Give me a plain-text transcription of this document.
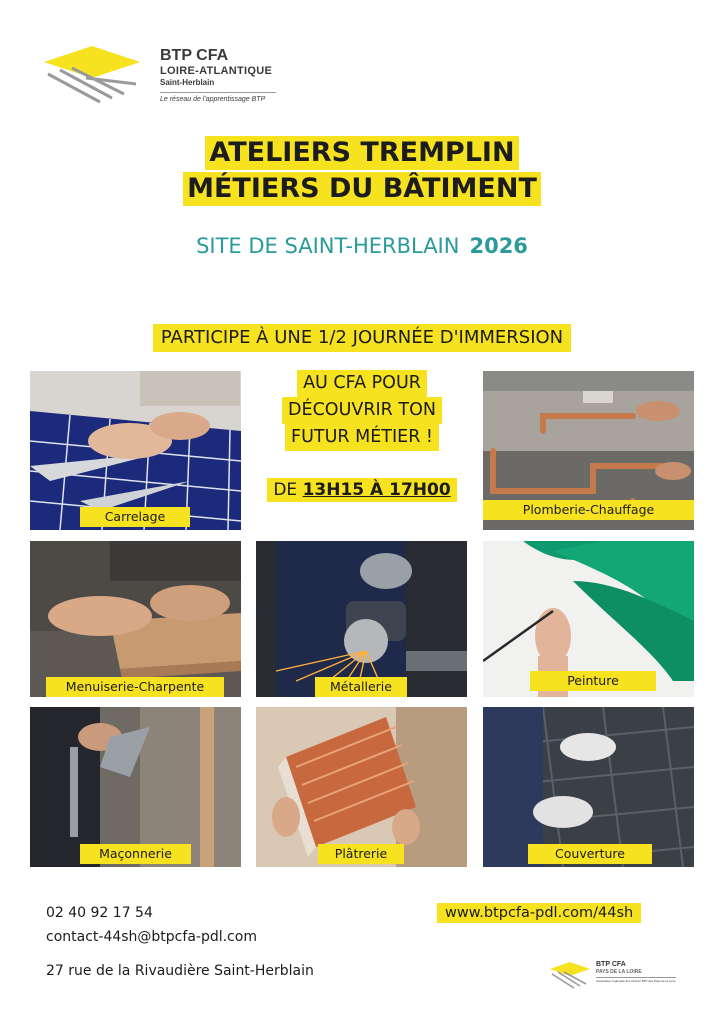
BTP CFA
LOIRE-ATLANTIQUE
Saint-Herblain
Le réseau de l'apprentissage BTP
ATELIERS TREMPLIN
MÉTIERS DU BÂTIMENT
SITE DE SAINT-HERBLAIN 2026
PARTICIPE À UNE 1/2 JOURNÉE D'IMMERSION
Carrelage
AU CFA POUR
DÉCOUVRIR TON
FUTUR MÉTIER !
DE 13H15 À 17H00
Plomberie-Chauffage
Menuiserie-Charpente	Métallerie	Peinture
Maçonnerie	Plâtrerie	Couverture
02 40 92 17 54
contact-44sh@btpcfa-pdl.com
27 rue de la Rivaudière Saint-Herblain
www.btpcfa-pdl.com/44sh
BTP CFA
PAYS DE LA LOIRE
Association régionale des CFA du BTP des Pays de la Loire
